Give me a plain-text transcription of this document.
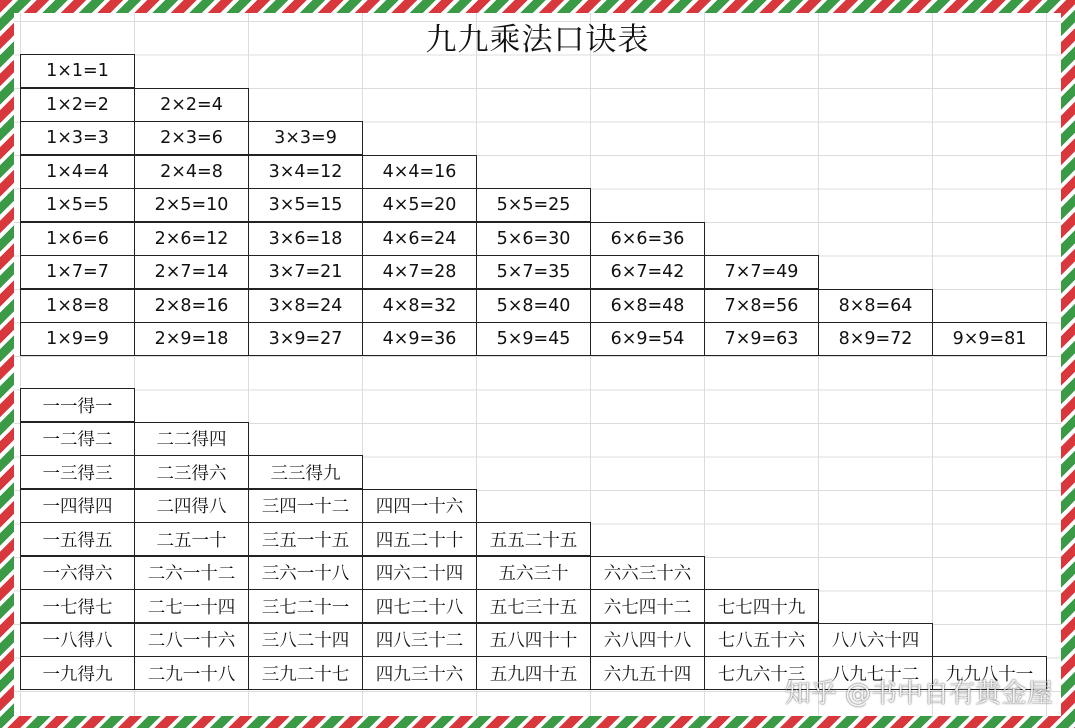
九九乘法口诀表
1×1=1
1×2=2	2×2=4
1×3=3	2×3=6	3×3=9
1×4=4	2×4=8	3×4=12	4×4=16
1×5=5	2×5=10	3×5=15	4×5=20	5×5=25
1×6=6	2×6=12	3×6=18	4×6=24	5×6=30	6×6=36
1×7=7	2×7=14	3×7=21	4×7=28	5×7=35	6×7=42	7×7=49
1×8=8	2×8=16	3×8=24	4×8=32	5×8=40	6×8=48	7×8=56	8×8=64
1×9=9	2×9=18	3×9=27	4×9=36	5×9=45	6×9=54	7×9=63	8×9=72	9×9=81
一一得一
一二得二	二二得四
一三得三	二三得六	三三得九
一四得四	二四得八	三四一十二	四四一十六
一五得五	二五一十	三五一十五	四五二十十	五五二十五
一六得六	二六一十二	三六一十八	四六二十四	五六三十	六六三十六
一七得七	二七一十四	三七二十一	四七二十八	五七三十五	六七四十二	七七四十九
一八得八	二八一十六	三八二十四	四八三十二	五八四十十	六八四十八	七八五十六	八八六十四
一九得九	二九一十八	三九二十七	四九三十六	五九四十五	六九五十四	七九六十三	八九七十二	九九八十一
知乎 @书中自有黄金屋
